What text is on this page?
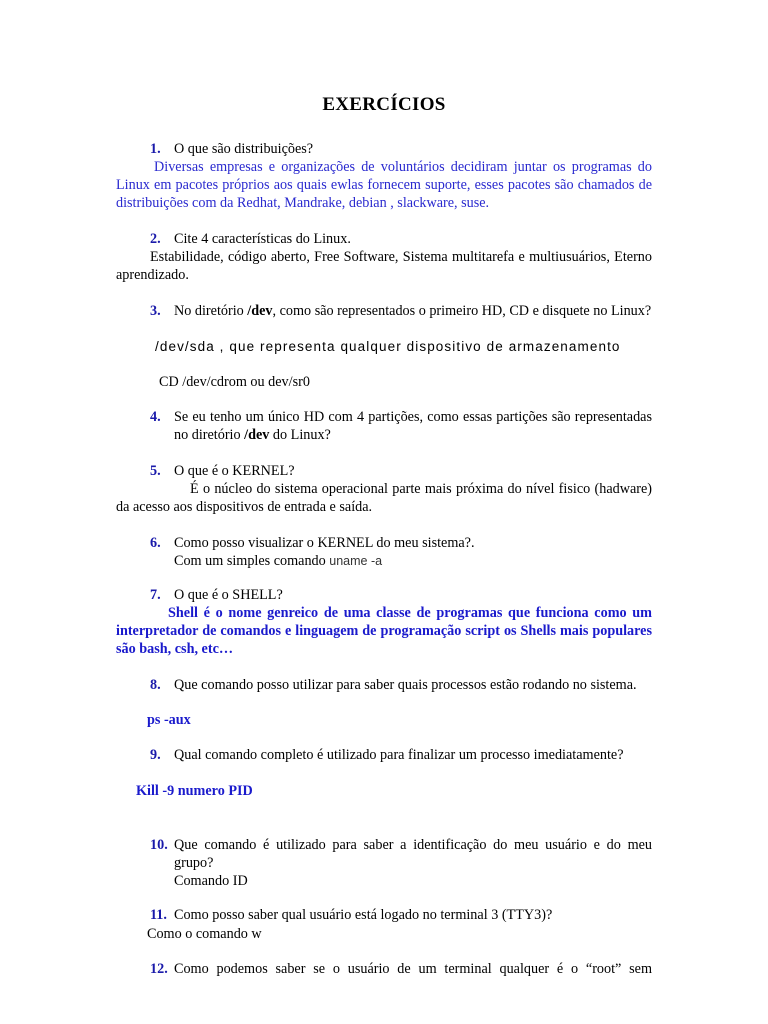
EXERCÍCIOS
1. O que são distribuições?
Diversas empresas e organizações de voluntários decidiram juntar os programas do Linux em pacotes próprios aos quais ewlas fornecem suporte, esses pacotes são chamados de distribuições com da Redhat, Mandrake, debian , slackware, suse.
2. Cite 4 características do Linux.
Estabilidade, código aberto, Free Software, Sistema multitarefa e multiusuários, Eterno aprendizado.
3. No diretório /dev, como são representados o primeiro HD, CD e disquete no Linux?
/dev/sda , que representa qualquer dispositivo de armazenamento
CD /dev/cdrom ou dev/sr0
4. Se eu tenho um único HD com 4 partições, como essas partições são representadas no diretório /dev do Linux?
5. O que é o KERNEL?
É o núcleo do sistema operacional parte mais próxima do nível fisico (hadware) da acesso aos dispositivos de entrada e saída.
6. Como posso visualizar o KERNEL do meu sistema?.
Com um simples comando uname -a
7. O que é o SHELL?
Shell é o nome genreico de uma classe de programas que funciona como um interpretador de comandos e linguagem de programação script os Shells mais populares são bash, csh, etc…
8. Que comando posso utilizar para saber quais processos estão rodando no sistema.
ps -aux
9. Qual comando completo é utilizado para finalizar um processo imediatamente?
Kill -9 numero PID
10. Que comando é utilizado para saber a identificação do meu usuário e do meu grupo?
Comando ID
11. Como posso saber qual usuário está logado no terminal 3 (TTY3)?
Como o comando w
12. Como podemos saber se o usuário de um terminal qualquer é o “root” sem
